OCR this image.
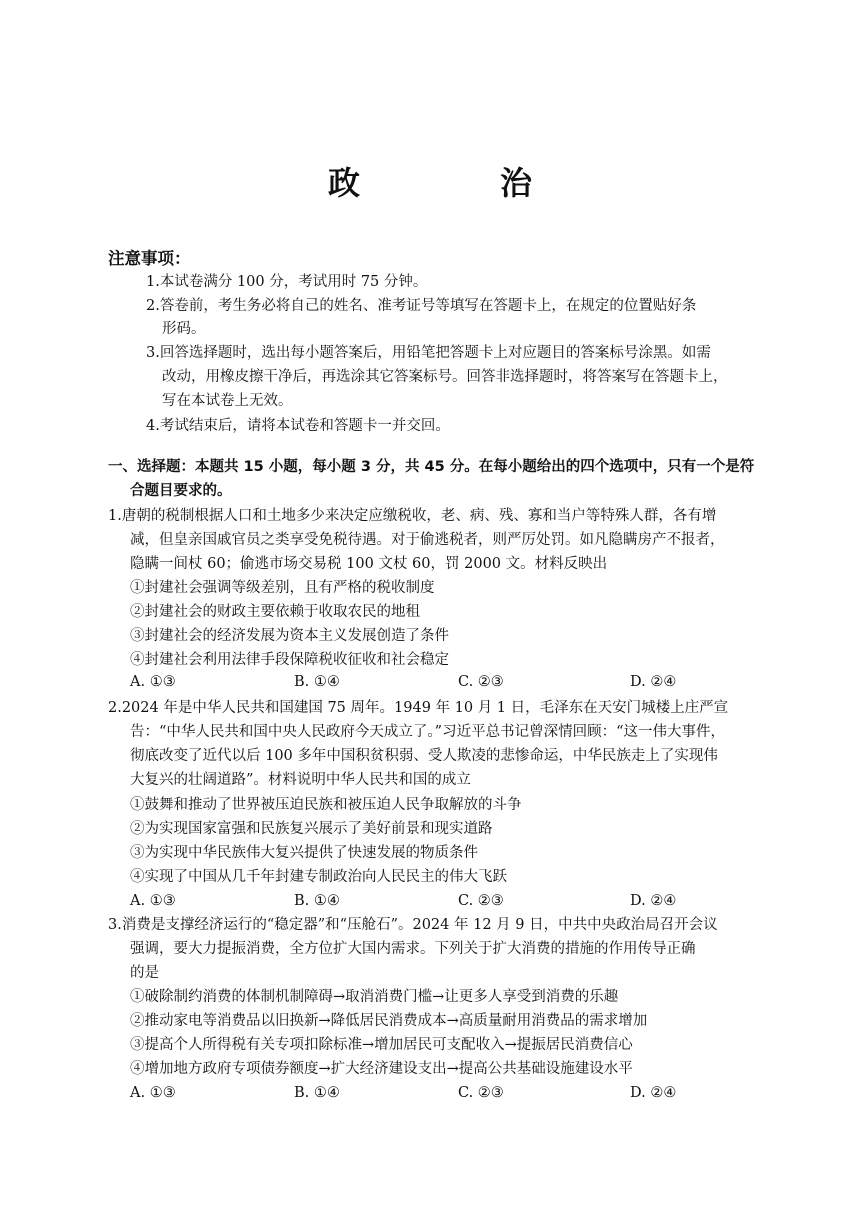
政　治
注意事项：
1.本试卷满分 100 分，考试用时 75 分钟。
2.答卷前，考生务必将自己的姓名、准考证号等填写在答题卡上，在规定的位置贴好条
形码。
3.回答选择题时，选出每小题答案后，用铅笔把答题卡上对应题目的答案标号涂黑。如需
改动，用橡皮擦干净后，再选涂其它答案标号。回答非选择题时，将答案写在答题卡上，
写在本试卷上无效。
4.考试结束后，请将本试卷和答题卡一并交回。
一、选择题：本题共 15 小题，每小题 3 分，共 45 分。在每小题给出的四个选项中，只有一个是符
合题目要求的。
1.唐朝的税制根据人口和土地多少来决定应缴税收，老、病、残、寡和当户等特殊人群，各有增
减，但皇亲国戚官员之类享受免税待遇。对于偷逃税者，则严厉处罚。如凡隐瞒房产不报者，
隐瞒一间杖 60；偷逃市场交易税 100 文杖 60，罚 2000 文。材料反映出
①封建社会强调等级差别，且有严格的税收制度
②封建社会的财政主要依赖于收取农民的地租
③封建社会的经济发展为资本主义发展创造了条件
④封建社会利用法律手段保障税收征收和社会稳定
A. ①③	B. ①④	C. ②③	D. ②④
2.2024 年是中华人民共和国建国 75 周年。1949 年 10 月 1 日，毛泽东在天安门城楼上庄严宣
告：“中华人民共和国中央人民政府今天成立了。”习近平总书记曾深情回顾：“这一伟大事件，
彻底改变了近代以后 100 多年中国积贫积弱、受人欺凌的悲惨命运，中华民族走上了实现伟
大复兴的壮阔道路”。材料说明中华人民共和国的成立
①鼓舞和推动了世界被压迫民族和被压迫人民争取解放的斗争
②为实现国家富强和民族复兴展示了美好前景和现实道路
③为实现中华民族伟大复兴提供了快速发展的物质条件
④实现了中国从几千年封建专制政治向人民民主的伟大飞跃
A. ①③	B. ①④	C. ②③	D. ②④
3.消费是支撑经济运行的“稳定器”和“压舱石”。2024 年 12 月 9 日，中共中央政治局召开会议
强调，要大力提振消费，全方位扩大国内需求。下列关于扩大消费的措施的作用传导正确
的是
①破除制约消费的体制机制障碍→取消消费门槛→让更多人享受到消费的乐趣
②推动家电等消费品以旧换新→降低居民消费成本→高质量耐用消费品的需求增加
③提高个人所得税有关专项扣除标准→增加居民可支配收入→提振居民消费信心
④增加地方政府专项债券额度→扩大经济建设支出→提高公共基础设施建设水平
A. ①③	B. ①④	C. ②③	D. ②④
